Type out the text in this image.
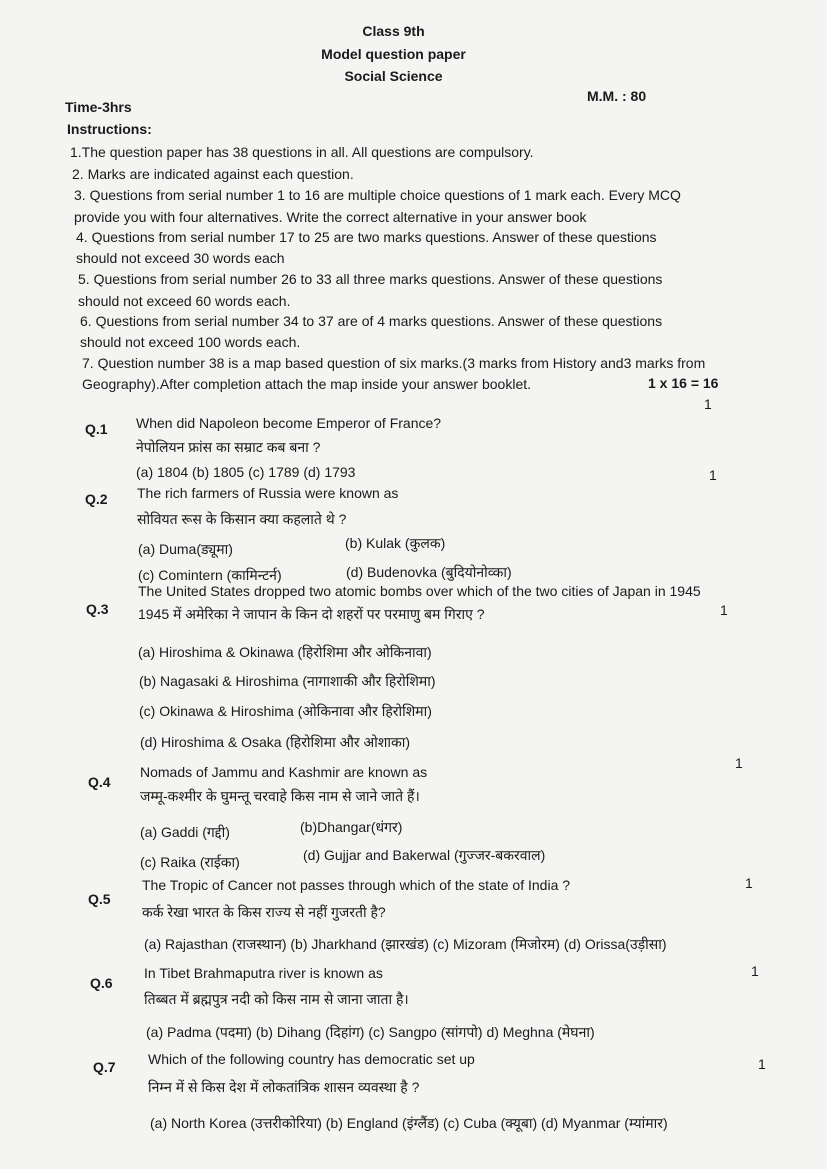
Class 9th
Model question paper
Social Science
M.M. : 80
Time-3hrs
Instructions:
1.The question paper has 38 questions in all. All questions are compulsory.
2. Marks are indicated against each question.
3. Questions from serial number 1 to 16 are multiple choice questions of 1 mark each. Every MCQ
provide you with four alternatives. Write the correct alternative in your answer book
4. Questions from serial number 17 to 25 are two marks questions. Answer of these questions
should not exceed 30 words each
5. Questions from serial number 26 to 33 all three marks questions. Answer of these questions
should not exceed 60 words each.
6. Questions from serial number 34 to 37 are of 4 marks questions. Answer of these questions
should not exceed 100 words each.
7. Question number 38 is a map based question of six marks.(3 marks from History and3 marks from
Geography).After completion attach the map inside your answer booklet.	1 x 16 = 16
1
Q.1 When did Napoleon become Emperor of France?
नेपोलियन फ्रांस का सम्राट कब बना ?
(a) 1804 (b) 1805 (c) 1789 (d) 1793	1
Q.2 The rich farmers of Russia were known as
सोवियत रूस के किसान क्या कहलाते थे ?
(a) Duma(ड्यूमा)	(b) Kulak (कुलक)
(c) Comintern (कामिन्टर्न)	(d) Budenovka (बुदियोनोव्का)
Q.3
The United States dropped two atomic bombs over which of the two cities of Japan in 1945
1
1945 में अमेरिका ने जापान के किन दो शहरों पर परमाणु बम गिराए ?
(a) Hiroshima & Okinawa (हिरोशिमा और ओकिनावा)
(b) Nagasaki & Hiroshima (नागाशाकी और हिरोशिमा)
(c) Okinawa & Hiroshima (ओकिनावा और हिरोशिमा)
(d) Hiroshima & Osaka (हिरोशिमा और ओशाका)
1
Q.4
Nomads of Jammu and Kashmir are known as
जम्मू-कश्मीर के घुमन्तू चरवाहे किस नाम से जाने जाते हैं।
(a) Gaddi (गद्दी)	(b)Dhangar(धंगर)
(c) Raika (राईका)	(d) Gujjar and Bakerwal (गुज्जर-बकरवाल)
Q.5
The Tropic of Cancer not passes through which of the state of India ?	1
कर्क रेखा भारत के किस राज्य से नहीं गुजरती है?
(a) Rajasthan (राजस्थान) (b) Jharkhand (झारखंड) (c) Mizoram (मिजोरम) (d) Orissa(उड़ीसा)
1
Q.6
In Tibet Brahmaputra river is known as
तिब्बत में ब्रह्मपुत्र नदी को किस नाम से जाना जाता है।
(a) Padma (पदमा) (b) Dihang (दिहांग) (c) Sangpo (सांगपो) d) Meghna (मेघना)
Q.7 Which of the following country has democratic set up	1
निम्न में से किस देश में लोकतांत्रिक शासन व्यवस्था है ?
(a) North Korea (उत्तरीकोरिया) (b) England (इंग्लैंड) (c) Cuba (क्यूबा) (d) Myanmar (म्यांमार)
